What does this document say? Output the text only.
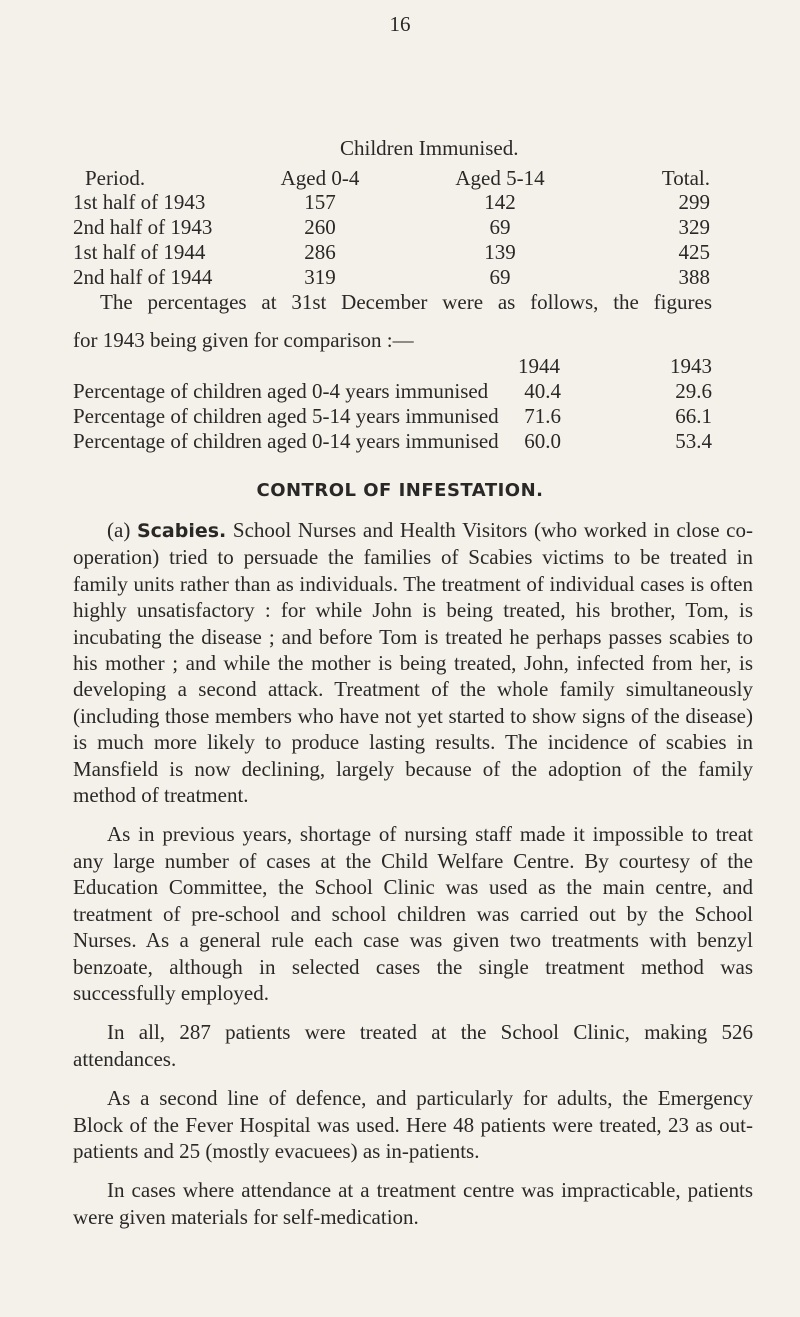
16
Children Immunised.
Period.	Aged 0-4	Aged 5-14	Total.
1st half of 1943	157	142	299
2nd half of 1943	260	69	329
1st half of 1944	286	139	425
2nd half of 1944	319	69	388
The percentages at 31st December were as follows, the figures
for 1943 being given for comparison :—
1944	1943
Percentage of children aged 0-4 years immunised	40.4	29.6
Percentage of children aged 5-14 years immunised	71.6	66.1
Percentage of children aged 0-14 years immunised	60.0	53.4
CONTROL OF INFESTATION.

(a) Scabies. School Nurses and Health Visitors (who worked in close co-operation) tried to persuade the families of Scabies victims to be treated in family units rather than as individuals. The treatment of individual cases is often highly unsatisfactory : for while John is being treated, his brother, Tom, is incubating the disease ; and before Tom is treated he perhaps passes scabies to his mother ; and while the mother is being treated, John, infected from her, is developing a second attack. Treatment of the whole family simultaneously (including those members who have not yet started to show signs of the disease) is much more likely to produce lasting results. The incidence of scabies in Mansfield is now declining, largely because of the adoption of the family method of treatment.

As in previous years, shortage of nursing staff made it impossible to treat any large number of cases at the Child Welfare Centre. By courtesy of the Education Committee, the School Clinic was used as the main centre, and treatment of pre-school and school children was carried out by the School Nurses. As a general rule each case was given two treatments with benzyl benzoate, although in selected cases the single treatment method was successfully employed.

In all, 287 patients were treated at the School Clinic, making 526 attendances.

As a second line of defence, and particularly for adults, the Emergency Block of the Fever Hospital was used. Here 48 patients were treated, 23 as out-patients and 25 (mostly evacuees) as in-patients.

In cases where attendance at a treatment centre was impracticable, patients were given materials for self-medication.
